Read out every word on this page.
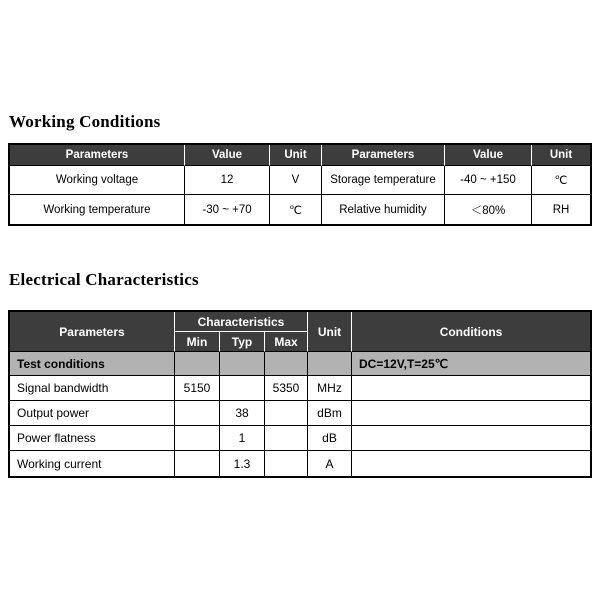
Working Conditions
Parameters	Value	Unit	Parameters	Value	Unit
Working voltage	12	V	Storage temperature	-40 ~ +150	℃
Working temperature	-30 ~ +70	℃	Relative humidity	＜80%	RH
Electrical Characteristics
Parameters	Characteristics			Unit	Conditions
	Min	Typ	Max		
Test conditions					DC=12V,T=25℃
Signal bandwidth	5150		5350	MHz	
Output power		38		dBm	
Power flatness		1		dB	
Working current		1.3		A	
